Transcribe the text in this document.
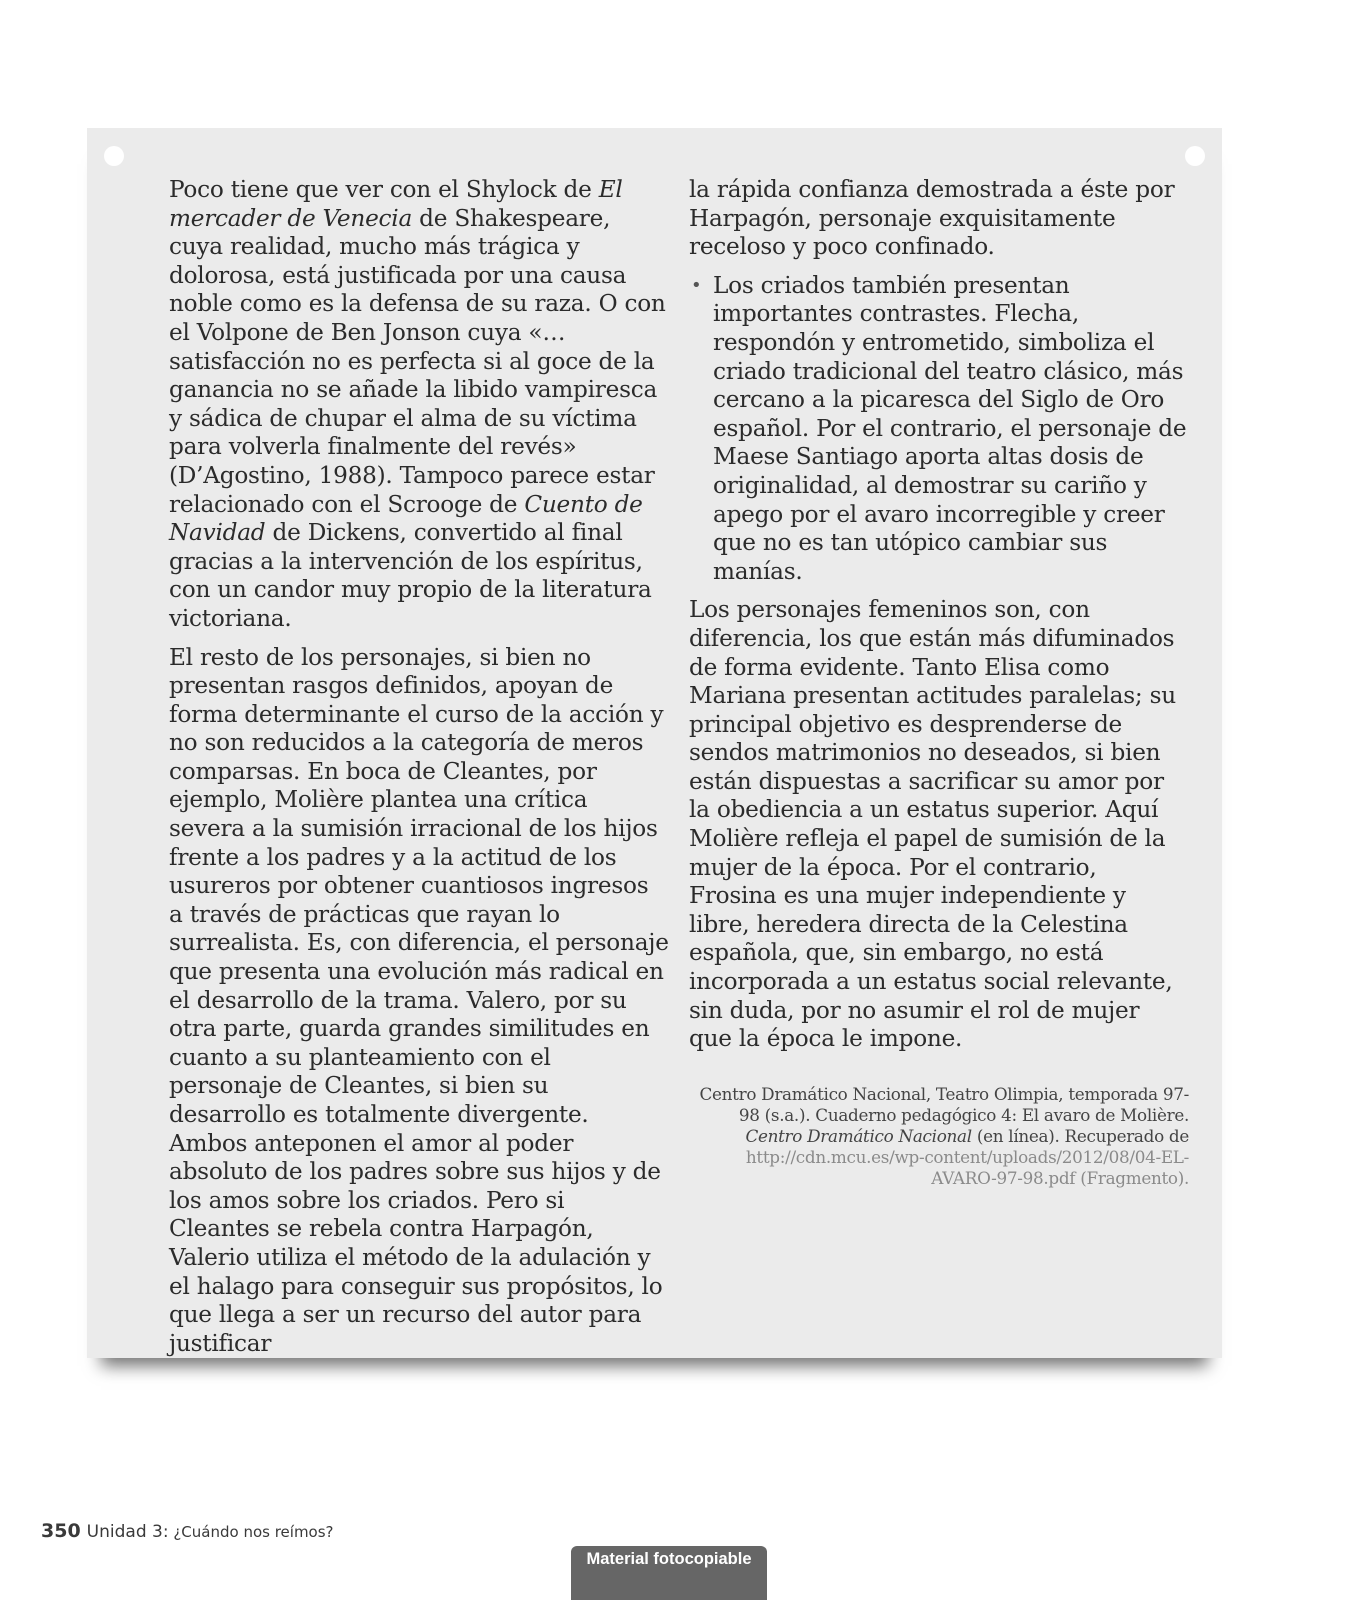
Poco tiene que ver con el Shylock de El mercader de Venecia de Shakespeare, cuya realidad, mucho más trágica y dolorosa, está justificada por una causa noble como es la defensa de su raza. O con el Volpone de Ben Jonson cuya «…satisfacción no es perfecta si al goce de la ganancia no se añade la libido vampiresca y sádica de chupar el alma de su víctima para volverla finalmente del revés» (D’Agostino, 1988). Tampoco parece estar relacionado con el Scrooge de Cuento de Navidad de Dickens, convertido al final gracias a la intervención de los espíritus, con un candor muy propio de la literatura victoriana.

El resto de los personajes, si bien no presentan rasgos definidos, apoyan de forma determinante el curso de la acción y no son reducidos a la categoría de meros comparsas. En boca de Cleantes, por ejemplo, Molière plantea una crítica severa a la sumisión irracional de los hijos frente a los padres y a la actitud de los usureros por obtener cuantiosos ingresos a través de prácticas que rayan lo surrealista. Es, con diferencia, el personaje que presenta una evolución más radical en el desarrollo de la trama. Valero, por su otra parte, guarda grandes similitudes en cuanto a su planteamiento con el personaje de Cleantes, si bien su desarrollo es totalmente divergente. Ambos anteponen el amor al poder absoluto de los padres sobre sus hijos y de los amos sobre los criados. Pero si Cleantes se rebela contra Harpagón, Valerio utiliza el método de la adulación y el halago para conseguir sus propósitos, lo que llega a ser un recurso del autor para justificar

la rápida confianza demostrada a éste por Harpagón, personaje exquisitamente receloso y poco confinado.

• Los criados también presentan importantes contrastes. Flecha, respondón y entrometido, simboliza el criado tradicional del teatro clásico, más cercano a la picaresca del Siglo de Oro español. Por el contrario, el personaje de Maese Santiago aporta altas dosis de originalidad, al demostrar su cariño y apego por el avaro incorregible y creer que no es tan utópico cambiar sus manías.

Los personajes femeninos son, con diferencia, los que están más difuminados de forma evidente. Tanto Elisa como Mariana presentan actitudes paralelas; su principal objetivo es desprenderse de sendos matrimonios no deseados, si bien están dispuestas a sacrificar su amor por la obediencia a un estatus superior. Aquí Molière refleja el papel de sumisión de la mujer de la época. Por el contrario, Frosina es una mujer independiente y libre, heredera directa de la Celestina española, que, sin embargo, no está incorporada a un estatus social relevante, sin duda, por no asumir el rol de mujer que la época le impone.

Centro Dramático Nacional, Teatro Olimpia, temporada 97-98 (s.a.). Cuaderno pedagógico 4: El avaro de Molière. Centro Dramático Nacional (en línea). Recuperado de http://cdn.mcu.es/wp-content/uploads/2012/08/04-EL-AVARO-97-98.pdf (Fragmento).
350 Unidad 3: ¿Cuándo nos reímos?
Material fotocopiable
